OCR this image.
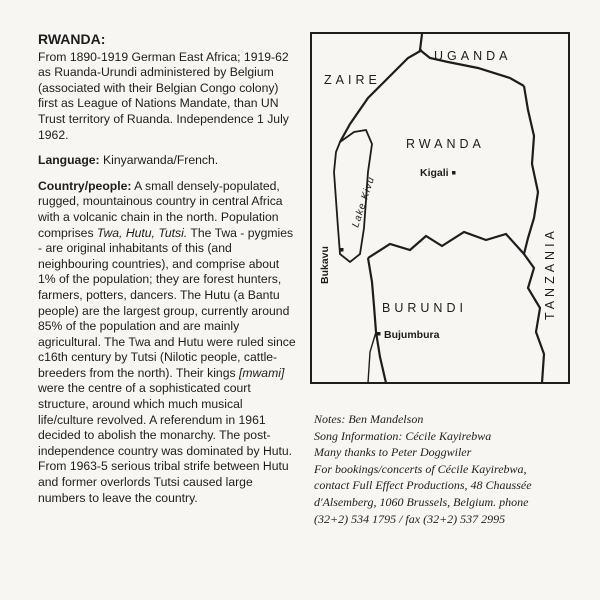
RWANDA:

From 1890-1919 German East Africa; 1919-62 as Ruanda-Urundi administered by Belgium (associated with their Belgian Congo colony) first as League of Nations Mandate, than UN Trust territory of Ruanda. Independence 1 July 1962.

Language: Kinyarwanda/French.

Country/people: A small densely-populated, rugged, mountainous country in central Africa with a volcanic chain in the north. Population comprises Twa, Hutu, Tutsi. The Twa - pygmies - are original inhabitants of this (and neighbouring countries), and comprise about 1% of the population; they are forest hunters, farmers, potters, dancers. The Hutu (a Bantu people) are the largest group, currently around 85% of the population and are mainly agricultural. The Twa and Hutu were ruled since c16th century by Tutsi (Nilotic people, cattle-breeders from the north). Their kings [mwami] were the centre of a sophisticated court structure, around which much musical life/culture revolved. A referendum in 1961 decided to abolish the monarchy. The post-independence country was dominated by Hutu. From 1963-5 serious tribal strife between Hutu and former overlords Tutsi caused large numbers to leave the country.

UGANDA
ZAIRE
RWANDA
BURUNDI	TANZANIA
Lake Kivu
Kigali
Bukavu
Bujumbura
Notes: Ben Mandelson
Song Information: Cécile Kayirebwa
Many thanks to Peter Doggwiler
For bookings/concerts of Cécile Kayirebwa,
contact Full Effect Productions, 48 Chaussée
d'Alsemberg, 1060 Brussels, Belgium. phone
(32+2) 534 1795 / fax (32+2) 537 2995
